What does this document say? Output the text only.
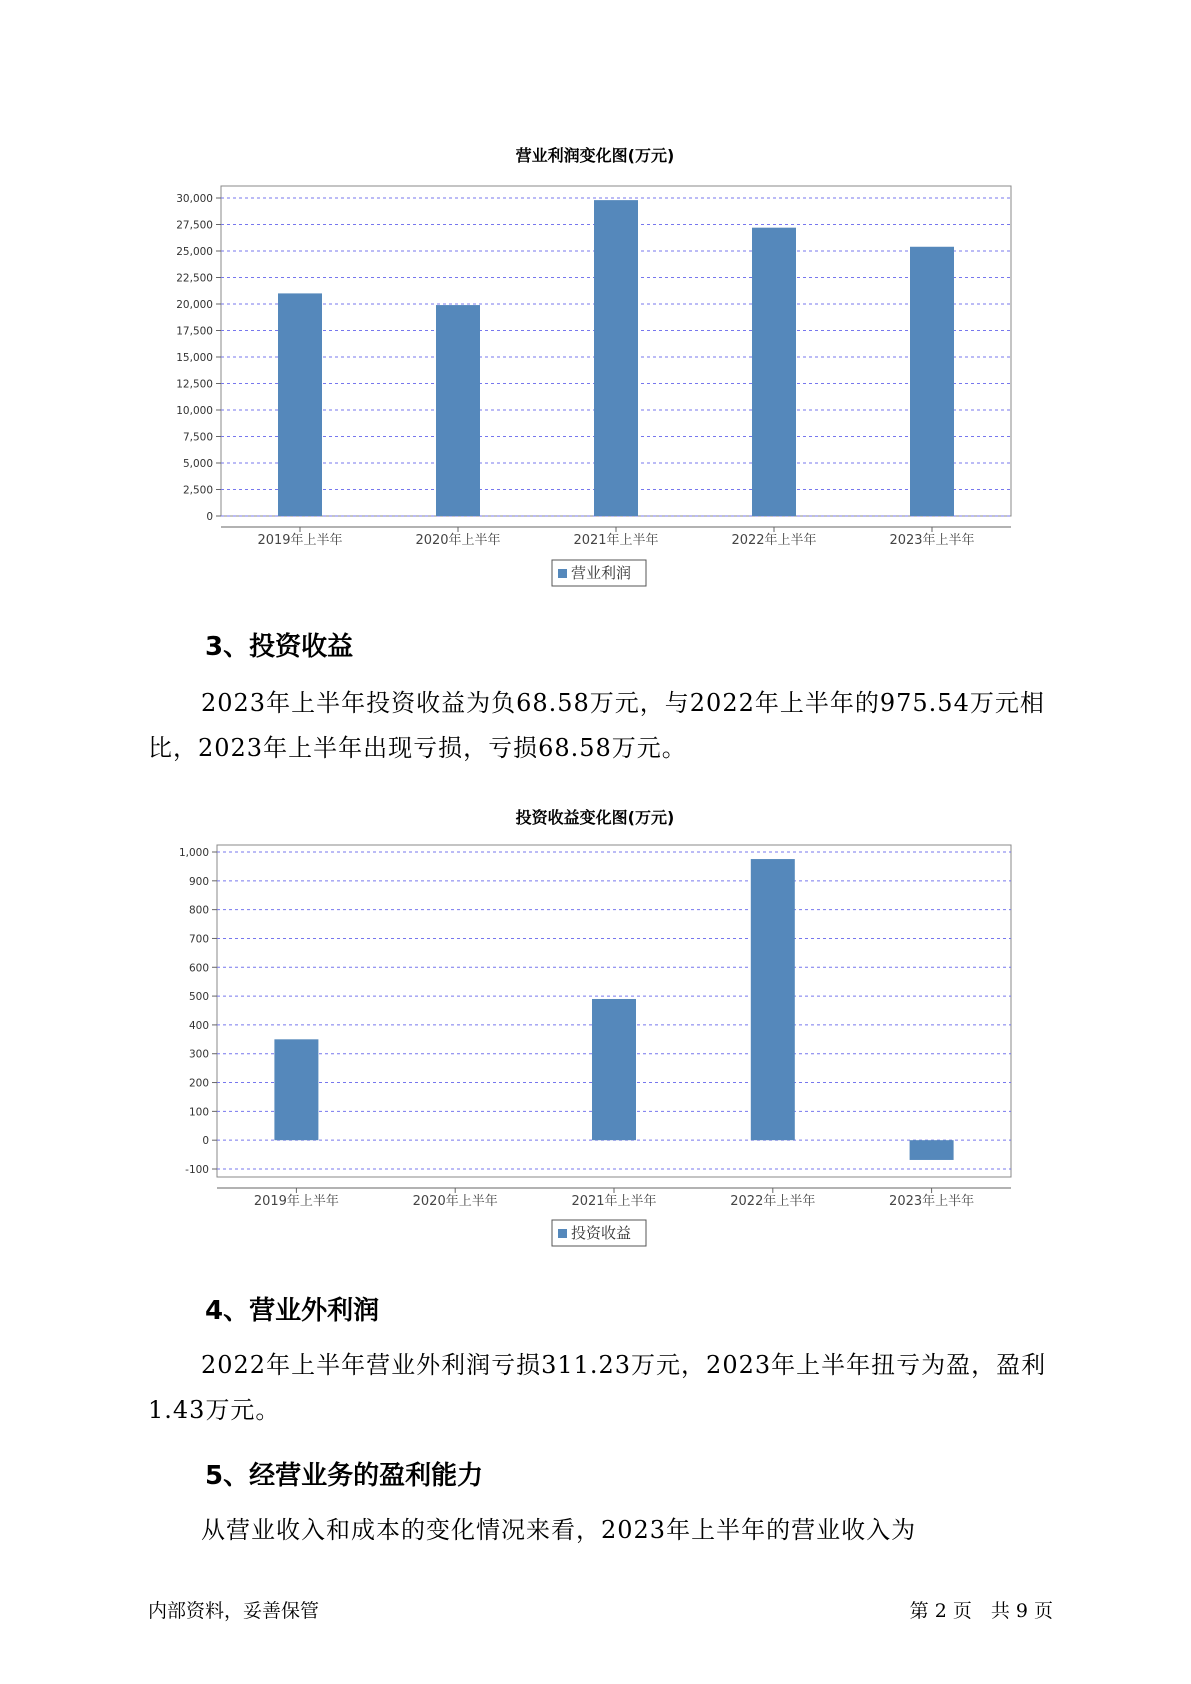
营业利润变化图(万元)
0
2,500
5,000
7,500
10,000
12,500
15,000
17,500
20,000
22,500
25,000
27,500
30,000
2019年上半年	2020年上半年	2021年上半年	2022年上半年	2023年上半年
营业利润
3、投资收益

2023年上半年投资收益为负68.58万元，与2022年上半年的975.54万元相比，2023年上半年出现亏损，亏损68.58万元。

投资收益变化图(万元)
-100
0
100
200
300
400
500
600
700
800
900
1,000
2019年上半年	2020年上半年	2021年上半年	2022年上半年	2023年上半年
投资收益
4、营业外利润

2022年上半年营业外利润亏损311.23万元，2023年上半年扭亏为盈，盈利1.43万元。

5、经营业务的盈利能力

从营业收入和成本的变化情况来看，2023年上半年的营业收入为

内部资料，妥善保管	第 2 页　共 9 页
